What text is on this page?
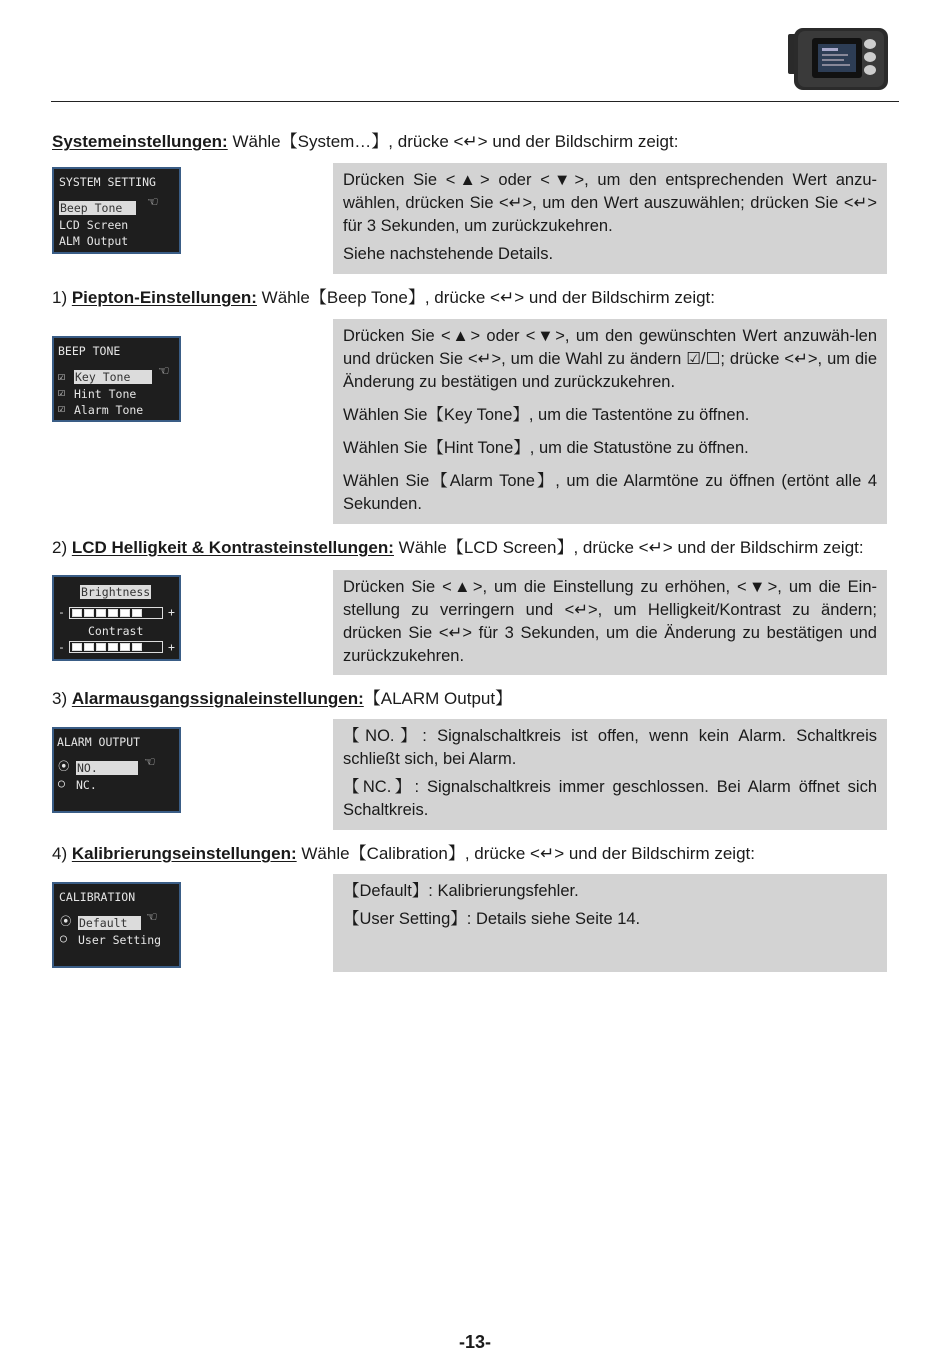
Systemeinstellungen: Wähle【System…】, drücke <↵> und der Bildschirm zeigt:
SYSTEM SETTING
Beep Tone	☜
LCD Screen
ALM Output

Drücken Sie <▲> oder <▼>, um den entsprechenden Wert anzu-wählen, drücken Sie <↵>, um den Wert auszuwählen; drücken Sie <↵> für 3 Sekunden, um zurückzukehren.

Siehe nachstehende Details.

1) Piepton-Einstellungen: Wähle【Beep Tone】, drücke <↵> und der Bildschirm zeigt:
BEEP TONE
☑ Key Tone	☜
☑ Hint Tone
☑ Alarm Tone

Drücken Sie <▲> oder <▼>, um den gewünschten Wert anzuwäh-len und drücken Sie <↵>, um die Wahl zu ändern ☑/☐; drücke <↵>, um die Änderung zu bestätigen und zurückzukehren.

Wählen Sie【Key Tone】, um die Tastentöne zu öffnen.

Wählen Sie【Hint Tone】, um die Statustöne zu öffnen.

Wählen Sie【Alarm Tone】, um die Alarmtöne zu öffnen (ertönt alle 4 Sekunden.

2) LCD Helligkeit & Kontrasteinstellungen: Wähle【LCD Screen】, drücke <↵> und der Bildschirm zeigt:
Brightness
-	+
Contrast
-	+

Drücken Sie <▲>, um die Einstellung zu erhöhen, <▼>, um die Ein-stellung zu verringern und <↵>, um Helligkeit/Kontrast zu ändern; drücken Sie <↵> für 3 Sekunden, um die Änderung zu bestätigen und zurückzukehren.

3) Alarmausgangssignaleinstellungen:【ALARM Output】
ALARM OUTPUT
⦿ NO.	☜
○ NC.

【NO.】: Signalschaltkreis ist offen, wenn kein Alarm. Schaltkreis schließt sich, bei Alarm.

【NC.】: Signalschaltkreis immer geschlossen. Bei Alarm öffnet sich Schaltkreis.

4) Kalibrierungseinstellungen: Wähle【Calibration】, drücke <↵> und der Bildschirm zeigt:
CALIBRATION
⦿ Default	☜
○ User Setting

【Default】: Kalibrierungsfehler.

【User Setting】: Details siehe Seite 14.

-13-
